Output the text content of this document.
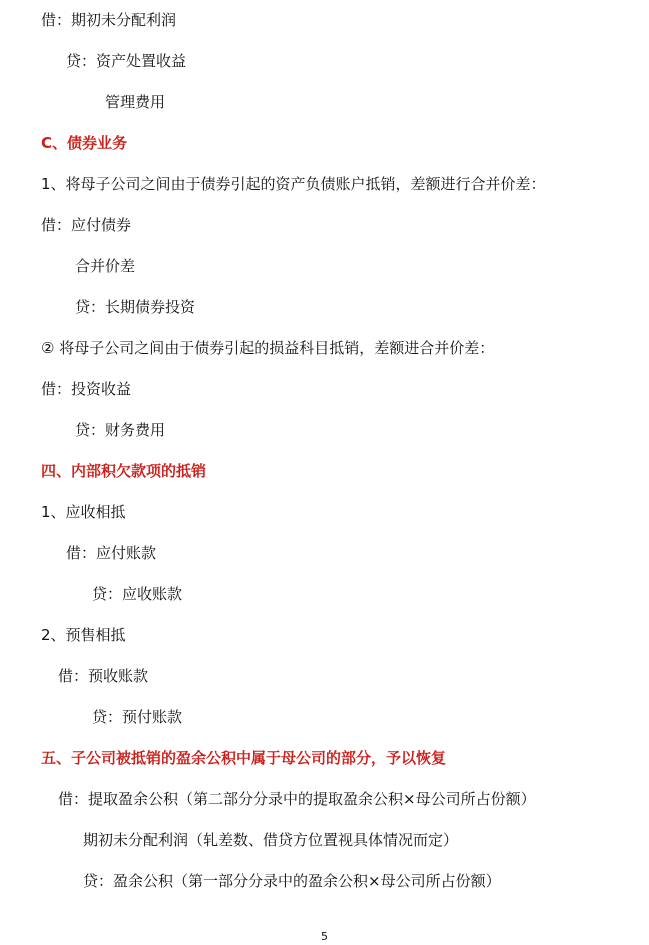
借：期初未分配利润
贷：资产处置收益
管理费用
C、债券业务
1、将母子公司之间由于债券引起的资产负债账户抵销，差额进行合并价差：
借：应付债券
合并价差
贷：长期债券投资
② 将母子公司之间由于债券引起的损益科目抵销，差额进合并价差：
借：投资收益
贷：财务费用
四、内部积欠款项的抵销
1、应收相抵
借：应付账款
贷：应收账款
2、预售相抵
借：预收账款
贷：预付账款
五、子公司被抵销的盈余公积中属于母公司的部分，予以恢复
借：提取盈余公积（第二部分分录中的提取盈余公积×母公司所占份额）
期初未分配利润（轧差数、借贷方位置视具体情况而定）
贷：盈余公积（第一部分分录中的盈余公积×母公司所占份额）
5
